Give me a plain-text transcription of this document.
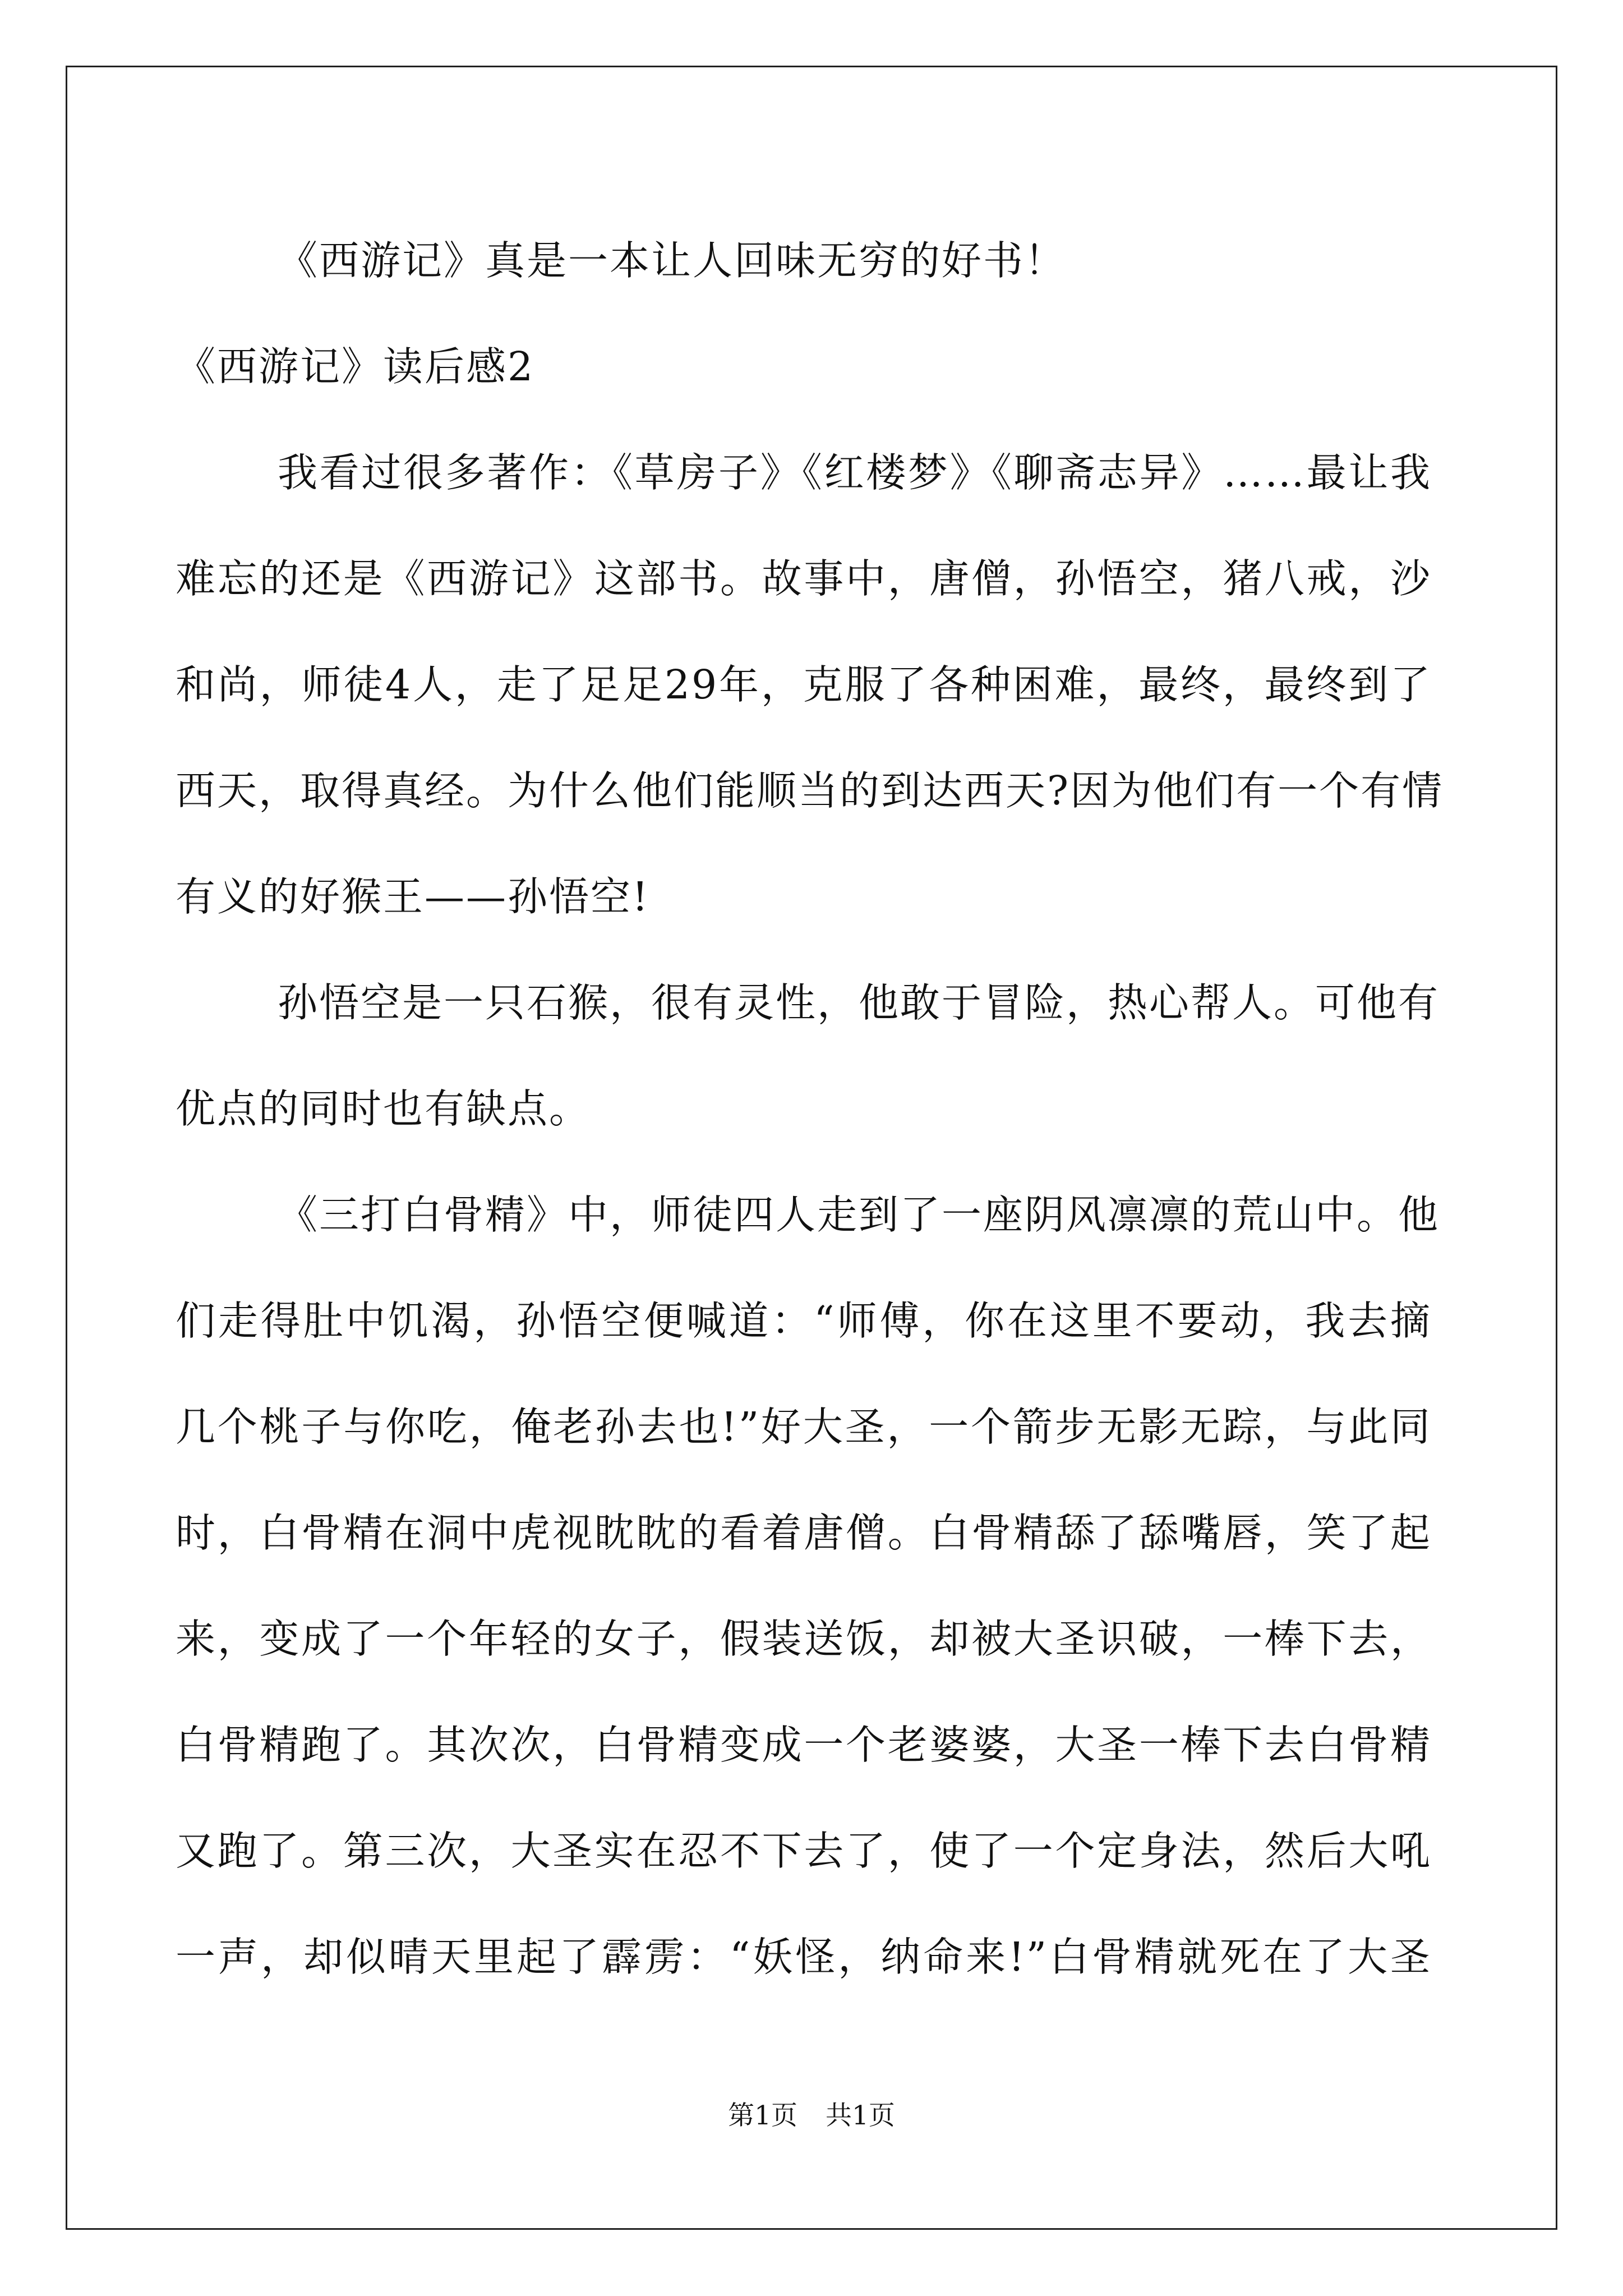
《西游记》真是一本让人回味无穷的好书！
《西游记》读后感2
我看过很多著作：《草房子》《红楼梦》《聊斋志异》……最让我
难忘的还是《西游记》这部书。故事中，唐僧，孙悟空，猪八戒，沙
和尚，师徒4人，走了足足29年，克服了各种困难，最终，最终到了
西天，取得真经。为什么他们能顺当的到达西天?因为他们有一个有情
有义的好猴王——孙悟空!
孙悟空是一只石猴，很有灵性，他敢于冒险，热心帮人。可他有
优点的同时也有缺点。
《三打白骨精》中，师徒四人走到了一座阴风凛凛的荒山中。他
们走得肚中饥渴，孙悟空便喊道：“师傅，你在这里不要动，我去摘
几个桃子与你吃，俺老孙去也!”好大圣，一个箭步无影无踪，与此同
时，白骨精在洞中虎视眈眈的看着唐僧。白骨精舔了舔嘴唇，笑了起
来，变成了一个年轻的女子，假装送饭，却被大圣识破，一棒下去，
白骨精跑了。其次次，白骨精变成一个老婆婆，大圣一棒下去白骨精
又跑了。第三次，大圣实在忍不下去了，使了一个定身法，然后大吼
一声，却似晴天里起了霹雳：“妖怪，纳命来!”白骨精就死在了大圣
第1页 共1页
